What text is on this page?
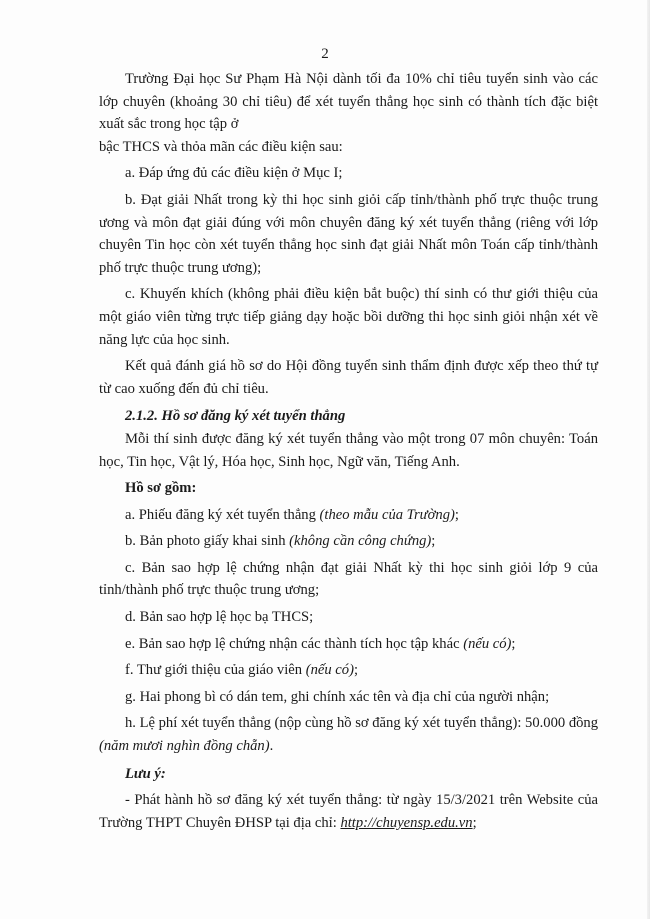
2

Trường Đại học Sư Phạm Hà Nội dành tối đa 10% chỉ tiêu tuyển sinh vào các lớp chuyên (khoảng 30 chỉ tiêu) để xét tuyển thẳng học sinh có thành tích đặc biệt xuất sắc trong học tập ở

bậc THCS và thỏa mãn các điều kiện sau:

a. Đáp ứng đủ các điều kiện ở Mục I;

b. Đạt giải Nhất trong kỳ thi học sinh giỏi cấp tỉnh/thành phố trực thuộc trung ương và môn đạt giải đúng với môn chuyên đăng ký xét tuyển thẳng (riêng với lớp chuyên Tin học còn xét tuyển thẳng học sinh đạt giải Nhất môn Toán cấp tỉnh/thành phố trực thuộc trung ương);

c. Khuyến khích (không phải điều kiện bắt buộc) thí sinh có thư giới thiệu của một giáo viên từng trực tiếp giảng dạy hoặc bồi dưỡng thi học sinh giỏi nhận xét về năng lực của học sinh.

Kết quả đánh giá hồ sơ do Hội đồng tuyển sinh thẩm định được xếp theo thứ tự từ cao xuống đến đủ chỉ tiêu.

2.1.2. Hồ sơ đăng ký xét tuyển thẳng

Mỗi thí sinh được đăng ký xét tuyển thẳng vào một trong 07 môn chuyên: Toán học, Tin học, Vật lý, Hóa học, Sinh học, Ngữ văn, Tiếng Anh.

Hồ sơ gồm:

a. Phiếu đăng ký xét tuyển thẳng (theo mẫu của Trường);

b. Bản photo giấy khai sinh (không cần công chứng);

c. Bản sao hợp lệ chứng nhận đạt giải Nhất kỳ thi học sinh giỏi lớp 9 của tỉnh/thành phố trực thuộc trung ương;

d. Bản sao hợp lệ học bạ THCS;

e. Bản sao hợp lệ chứng nhận các thành tích học tập khác (nếu có);

f. Thư giới thiệu của giáo viên (nếu có);

g. Hai phong bì có dán tem, ghi chính xác tên và địa chỉ của người nhận;

h. Lệ phí xét tuyển thẳng (nộp cùng hồ sơ đăng ký xét tuyển thẳng): 50.000 đồng (năm mươi nghìn đồng chẵn).

Lưu ý:

- Phát hành hồ sơ đăng ký xét tuyển thẳng: từ ngày 15/3/2021 trên Website của Trường THPT Chuyên ĐHSP tại địa chỉ: http://chuyensp.edu.vn;
